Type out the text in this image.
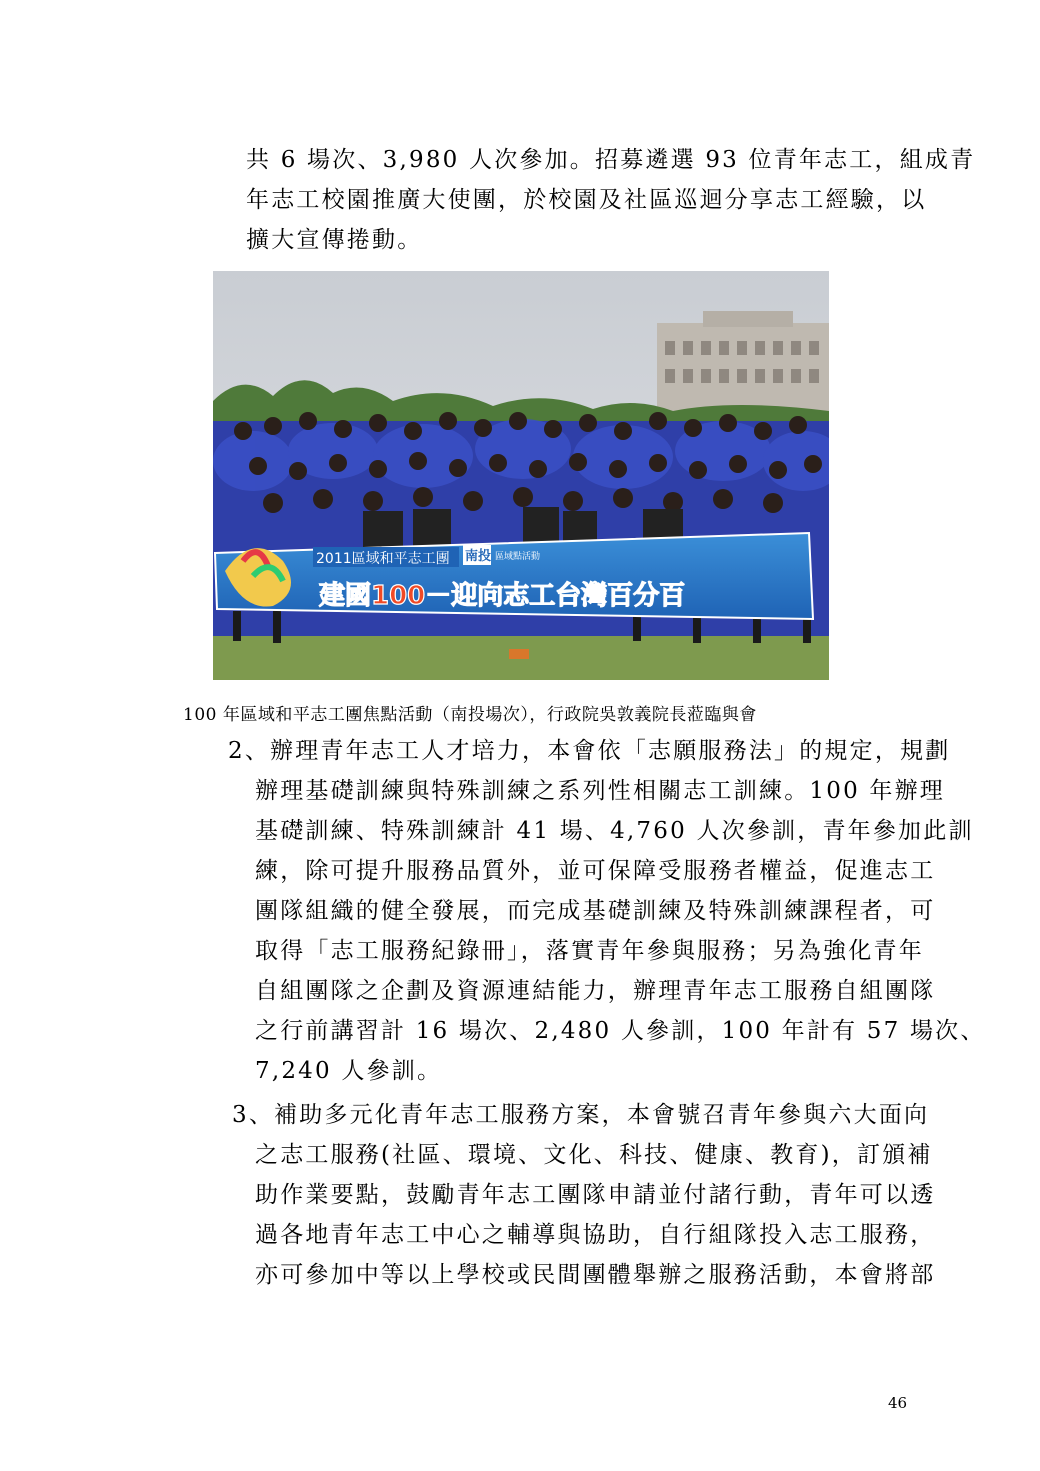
共 6 場次、3,980 人次參加。招募遴選 93 位青年志工，組成青
年志工校園推廣大使團，於校園及社區巡迴分享志工經驗，以
擴大宣傳捲動。
2011區域和平志工團 南投 區域點活動
建國100－迎向志工台灣百分百
100 年區域和平志工團焦點活動（南投場次），行政院吳敦義院長蒞臨與會
2、辦理青年志工人才培力，本會依「志願服務法」的規定，規劃
辦理基礎訓練與特殊訓練之系列性相關志工訓練。100 年辦理
基礎訓練、特殊訓練計 41 場、4,760 人次參訓，青年參加此訓
練，除可提升服務品質外，並可保障受服務者權益，促進志工
團隊組織的健全發展，而完成基礎訓練及特殊訓練課程者，可
取得「志工服務紀錄冊」，落實青年參與服務；另為強化青年
自組團隊之企劃及資源連結能力，辦理青年志工服務自組團隊
之行前講習計 16 場次、2,480 人參訓，100 年計有 57 場次、
7,240 人參訓。
3、補助多元化青年志工服務方案，本會號召青年參與六大面向
之志工服務(社區、環境、文化、科技、健康、教育)，訂頒補
助作業要點，鼓勵青年志工團隊申請並付諸行動，青年可以透
過各地青年志工中心之輔導與協助，自行組隊投入志工服務，
亦可參加中等以上學校或民間團體舉辦之服務活動，本會將部
46
